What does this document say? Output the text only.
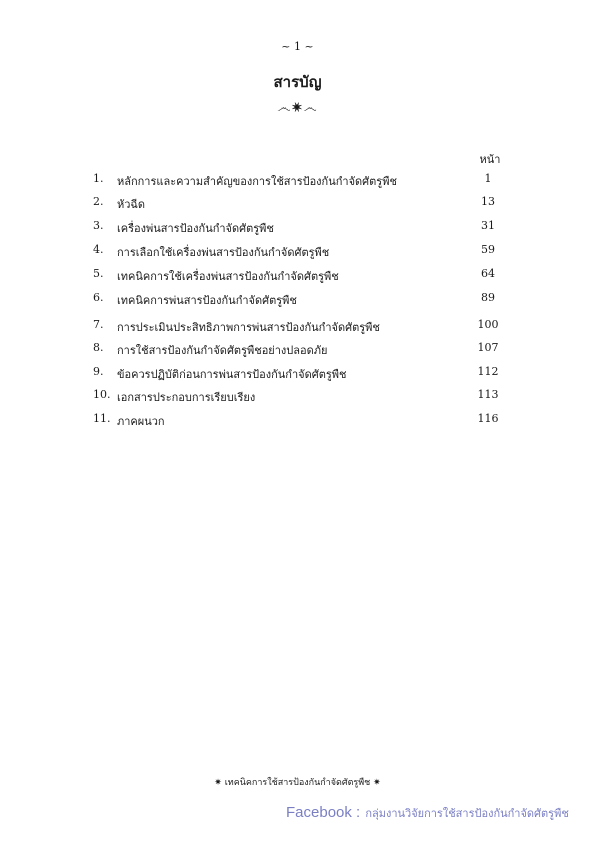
~ 1 ~
สารบัญ
෴✷෴
หน้า
1.	หลักการและความสำคัญของการใช้สารป้องกันกำจัดศัตรูพืช	1
2.	หัวฉีด	13
3.	เครื่องพ่นสารป้องกันกำจัดศัตรูพืช	31
4.	การเลือกใช้เครื่องพ่นสารป้องกันกำจัดศัตรูพืช	59
5.	เทคนิคการใช้เครื่องพ่นสารป้องกันกำจัดศัตรูพืช	64
6.	เทคนิคการพ่นสารป้องกันกำจัดศัตรูพืช	89
7.	การประเมินประสิทธิภาพการพ่นสารป้องกันกำจัดศัตรูพืช	100
8.	การใช้สารป้องกันกำจัดศัตรูพืชอย่างปลอดภัย	107
9.	ข้อควรปฏิบัติก่อนการพ่นสารป้องกันกำจัดศัตรูพืช	112
10. เอกสารประกอบการเรียบเรียง	113
11. ภาคผนวก	116
✷ เทคนิคการใช้สารป้องกันกำจัดศัตรูพืช ✷
Facebook : กลุ่มงานวิจัยการใช้สารป้องกันกำจัดศัตรูพืช
